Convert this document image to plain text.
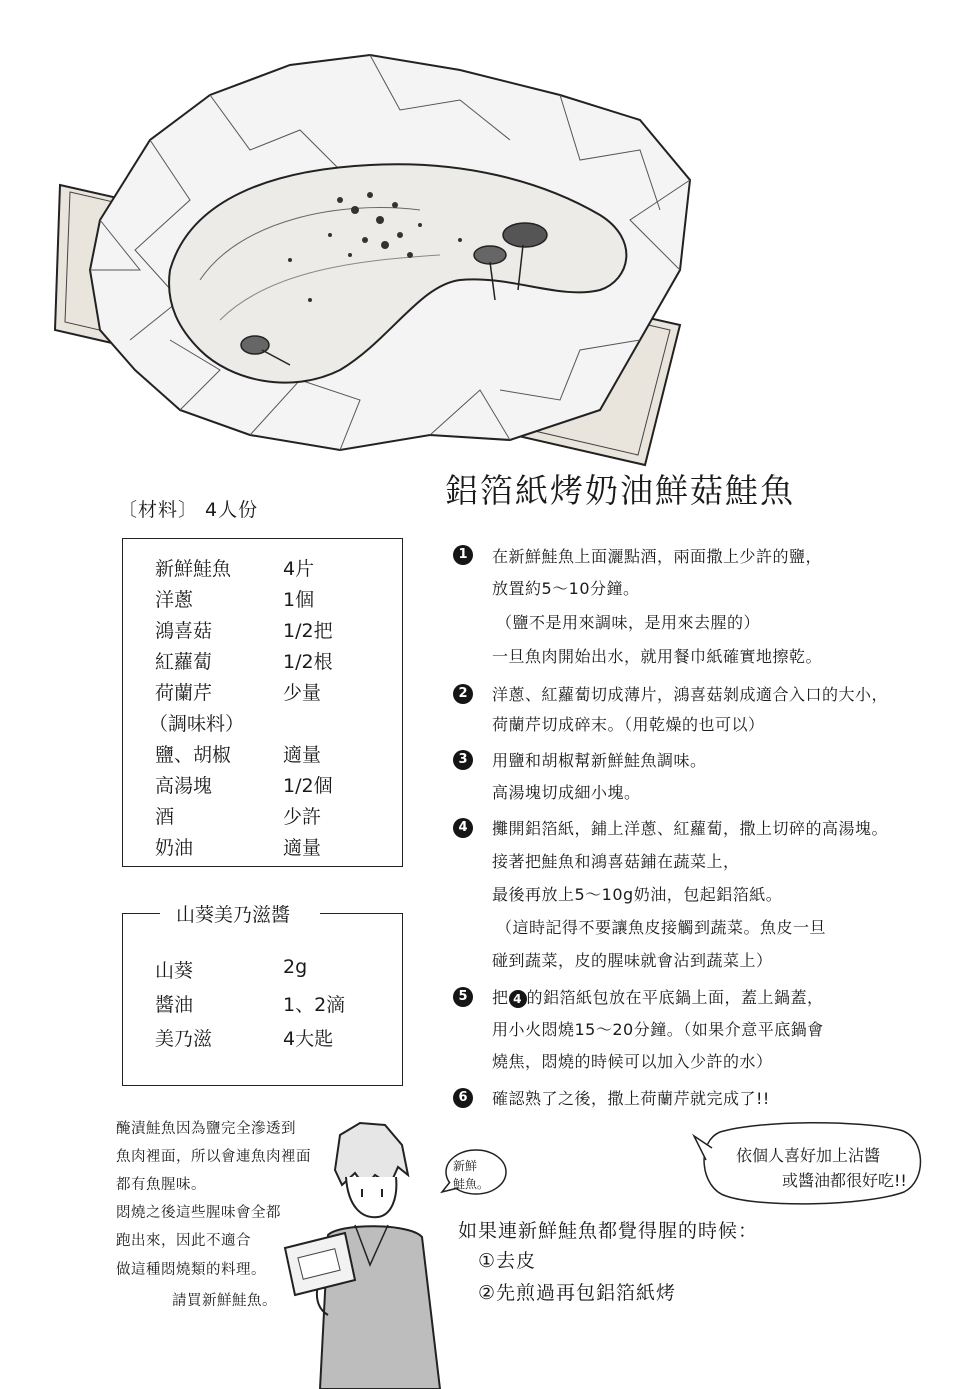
鋁箔紙烤奶油鮮菇鮭魚
〔材料〕 4人份
新鮮鮭魚	4片
洋蔥	1個
鴻喜菇	1/2把
紅蘿蔔	1/2根
荷蘭芹	少量
（調味料）
鹽、胡椒	適量
高湯塊	1/2個
酒	少許
奶油	適量
山葵美乃滋醬
山葵	2g
醬油	1、2滴
美乃滋	4大匙
1	在新鮮鮭魚上面灑點酒，兩面撒上少許的鹽，
放置約5～10分鐘。
（鹽不是用來調味，是用來去腥的）
一旦魚肉開始出水，就用餐巾紙確實地擦乾。
2	洋蔥、紅蘿蔔切成薄片，鴻喜菇剝成適合入口的大小，
荷蘭芹切成碎末。（用乾燥的也可以）
3	用鹽和胡椒幫新鮮鮭魚調味。
高湯塊切成細小塊。
4	攤開鋁箔紙，鋪上洋蔥、紅蘿蔔，撒上切碎的高湯塊。
接著把鮭魚和鴻喜菇鋪在蔬菜上，
最後再放上5～10g奶油，包起鋁箔紙。
（這時記得不要讓魚皮接觸到蔬菜。魚皮一旦
碰到蔬菜，皮的腥味就會沾到蔬菜上）
5	把 4 的鋁箔紙包放在平底鍋上面，蓋上鍋蓋，
用小火悶燒15～20分鐘。（如果介意平底鍋會
燒焦，悶燒的時候可以加入少許的水）
6	確認熟了之後，撒上荷蘭芹就完成了!!
醃漬鮭魚因為鹽完全滲透到
魚肉裡面，所以會連魚肉裡面
都有魚腥味。
悶燒之後這些腥味會全都
跑出來，因此不適合
做這種悶燒類的料理。
請買新鮮鮭魚。
新鮮
鮭魚。
依個人喜好加上沾醬
或醬油都很好吃!!
如果連新鮮鮭魚都覺得腥的時候：
①去皮
②先煎過再包鋁箔紙烤
